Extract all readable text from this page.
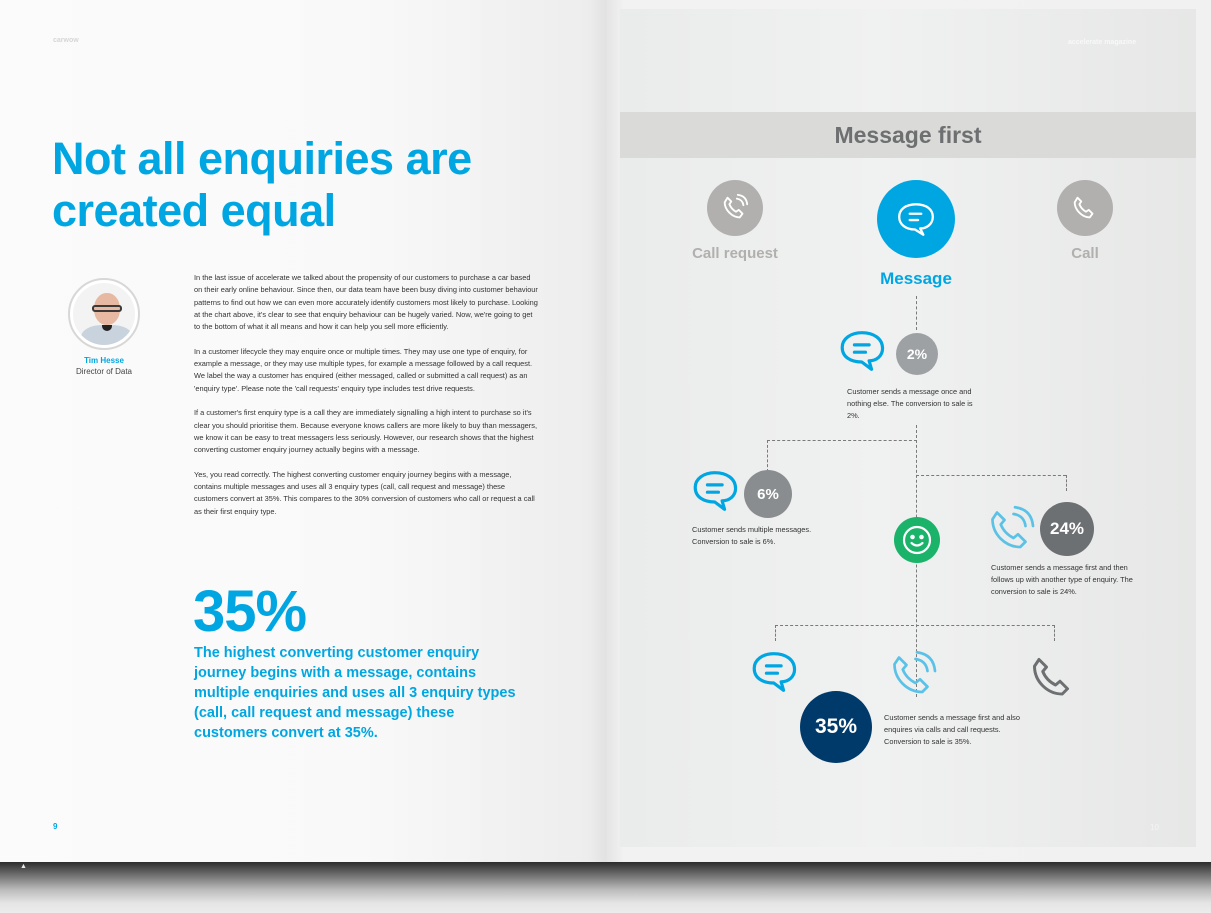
carwow
Not all enquiries are created equal
Tim Hesse
Director of Data

In the last issue of accelerate we talked about the propensity of our customers to purchase a car based on their early online behaviour. Since then, our data team have been busy diving into customer behaviour patterns to find out how we can even more accurately identify customers most likely to purchase. Looking at the chart above, it's clear to see that enquiry behaviour can be hugely varied. Now, we're going to get to the bottom of what it all means and how it can help you sell more efficiently.

In a customer lifecycle they may enquire once or multiple times. They may use one type of enquiry, for example a message, or they may use multiple types, for example a message followed by a call request. We label the way a customer has enquired (either messaged, called or submitted a call request) as an 'enquiry type'. Please note the 'call requests' enquiry type includes test drive requests.

If a customer's first enquiry type is a call they are immediately signalling a high intent to purchase so it's clear you should prioritise them. Because everyone knows callers are more likely to buy than messagers, we know it can be easy to treat messagers less seriously. However, our research shows that the highest converting customer enquiry journey actually begins with a message.

Yes, you read correctly. The highest converting customer enquiry journey begins with a message, contains multiple messages and uses all 3 enquiry types (call, call request and message) these customers convert at 35%. This compares to the 30% conversion of customers who call or request a call as their first enquiry type.

35%
The highest converting customer enquiry journey begins with a message, contains multiple enquiries and uses all 3 enquiry types (call, call request and message) these customers convert at 35%.
9
accelerate magazine
Message first
Call request
Message
Call
2%
Customer sends a message once and nothing else. The conversion to sale is 2%.
6%
Customer sends multiple messages. Conversion to sale is 6%.
24%
Customer sends a message first and then follows up with another type of enquiry. The conversion to sale is 24%.
35%	Customer sends a message first and also enquires via calls and call requests. Conversion to sale is 35%.
10
▲
